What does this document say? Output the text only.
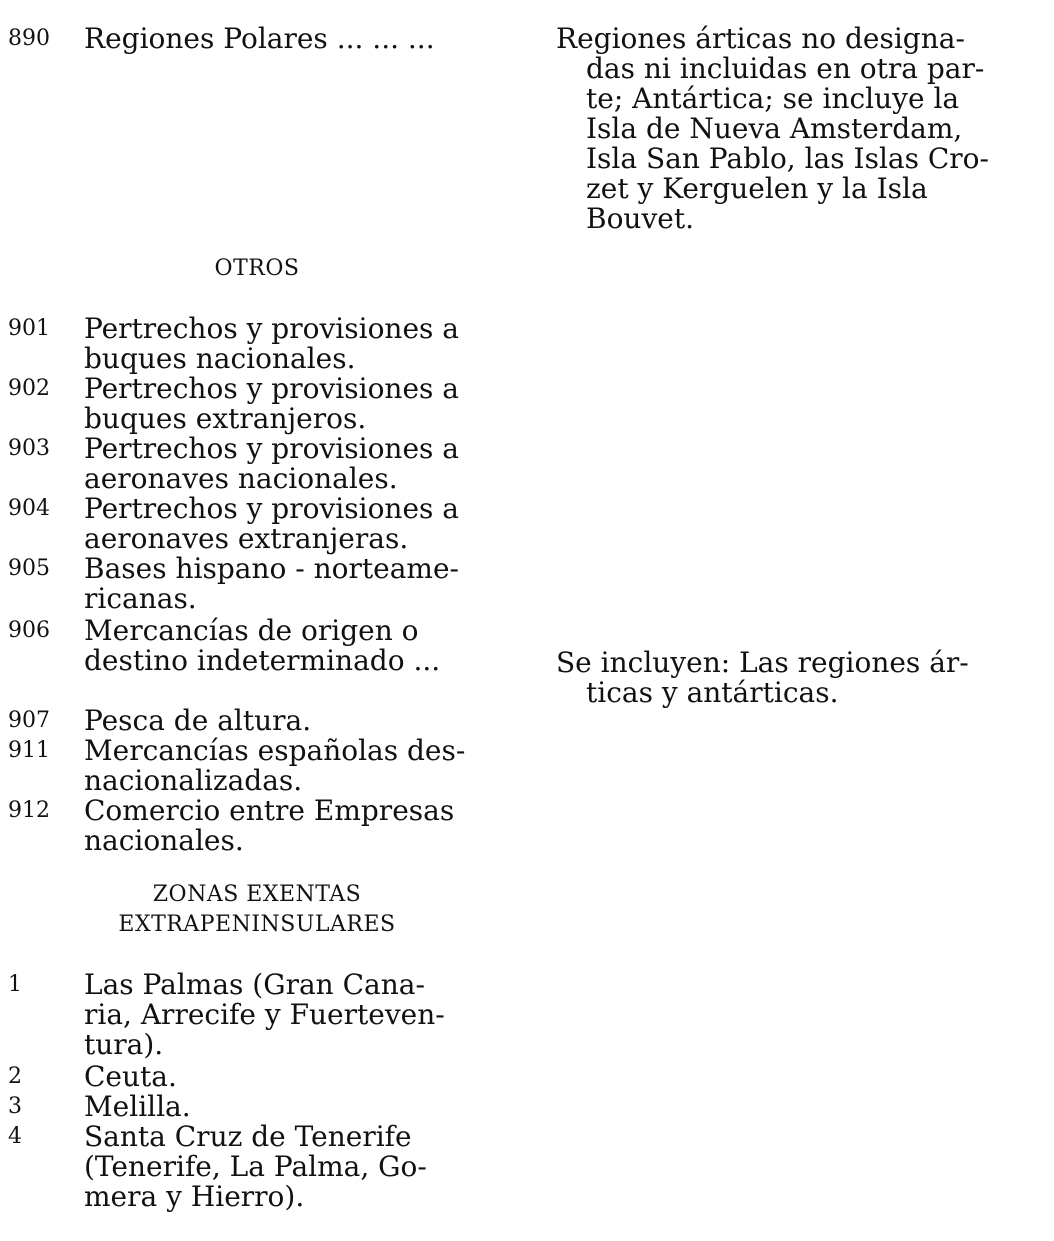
890	Regiones Polares ... ... ...	Regiones árticas no designa-
das ni incluidas en otra par-
te; Antártica; se incluye la
Isla de Nueva Amsterdam,
Isla San Pablo, las Islas Cro-
zet y Kerguelen y la Isla
Bouvet.
OTROS
901	Pertrechos y provisiones a
buques nacionales.
902	Pertrechos y provisiones a
buques extranjeros.
903	Pertrechos y provisiones a
aeronaves nacionales.
904	Pertrechos y provisiones a
aeronaves extranjeras.
905	Bases hispano - norteame-
ricanas.
906	Mercancías de origen o
destino indeterminado ...	Se incluyen: Las regiones ár-
ticas y antárticas.
907	Pesca de altura.
911	Mercancías españolas des-
nacionalizadas.
912	Comercio entre Empresas
nacionales.
ZONAS EXENTAS
EXTRAPENINSULARES
1	Las Palmas (Gran Cana-
ria, Arrecife y Fuerteven-
tura).
2	Ceuta.
3	Melilla.
4	Santa Cruz de Tenerife
(Tenerife, La Palma, Go-
mera y Hierro).
